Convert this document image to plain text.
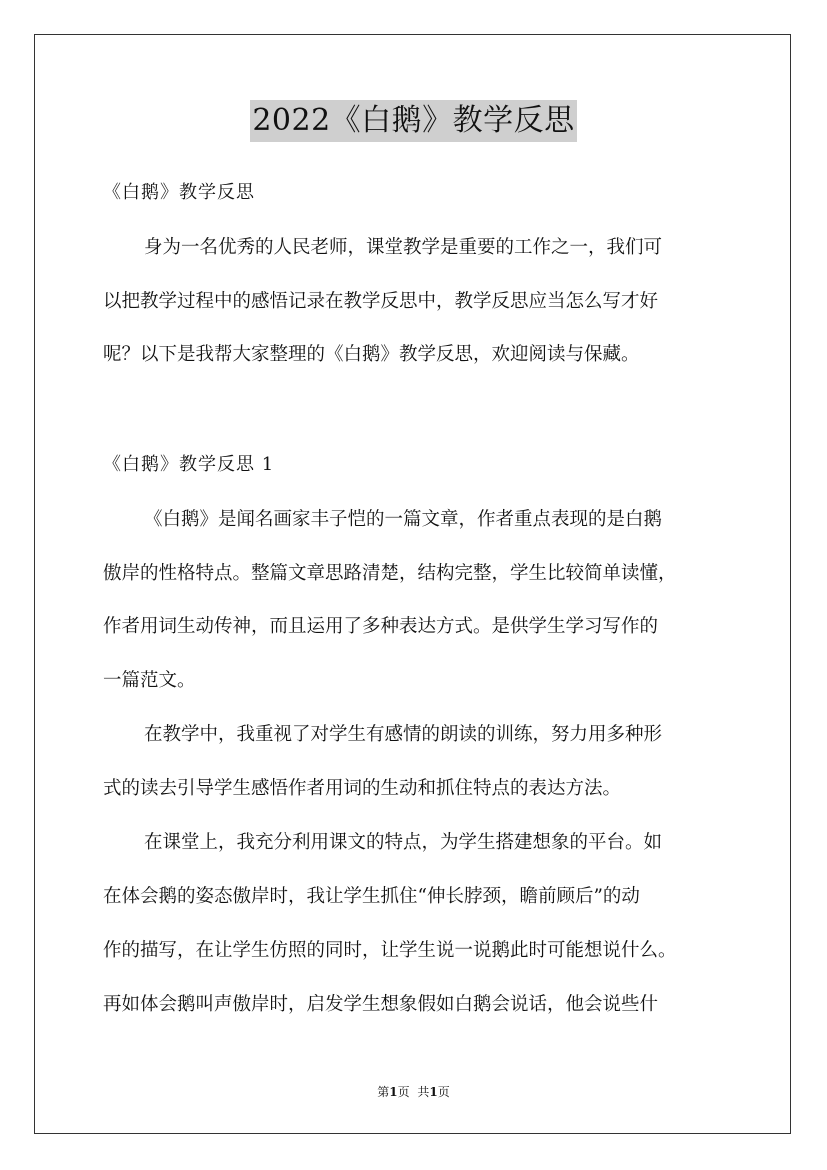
2022《白鹅》教学反思
《白鹅》教学反思
身为一名优秀的人民老师，课堂教学是重要的工作之一，我们可
以把教学过程中的感悟记录在教学反思中，教学反思应当怎么写才好
呢？以下是我帮大家整理的《白鹅》教学反思，欢迎阅读与保藏。
《白鹅》教学反思 1
《白鹅》是闻名画家丰子恺的一篇文章，作者重点表现的是白鹅
傲岸的性格特点。整篇文章思路清楚，结构完整，学生比较简单读懂，
作者用词生动传神，而且运用了多种表达方式。是供学生学习写作的
一篇范文。
在教学中，我重视了对学生有感情的朗读的训练，努力用多种形
式的读去引导学生感悟作者用词的生动和抓住特点的表达方法。
在课堂上，我充分利用课文的特点，为学生搭建想象的平台。如
在体会鹅的姿态傲岸时，我让学生抓住“伸长脖颈，瞻前顾后”的动
作的描写，在让学生仿照的同时，让学生说一说鹅此时可能想说什么。
再如体会鹅叫声傲岸时，启发学生想象假如白鹅会说话，他会说些什
第1页 共1页
